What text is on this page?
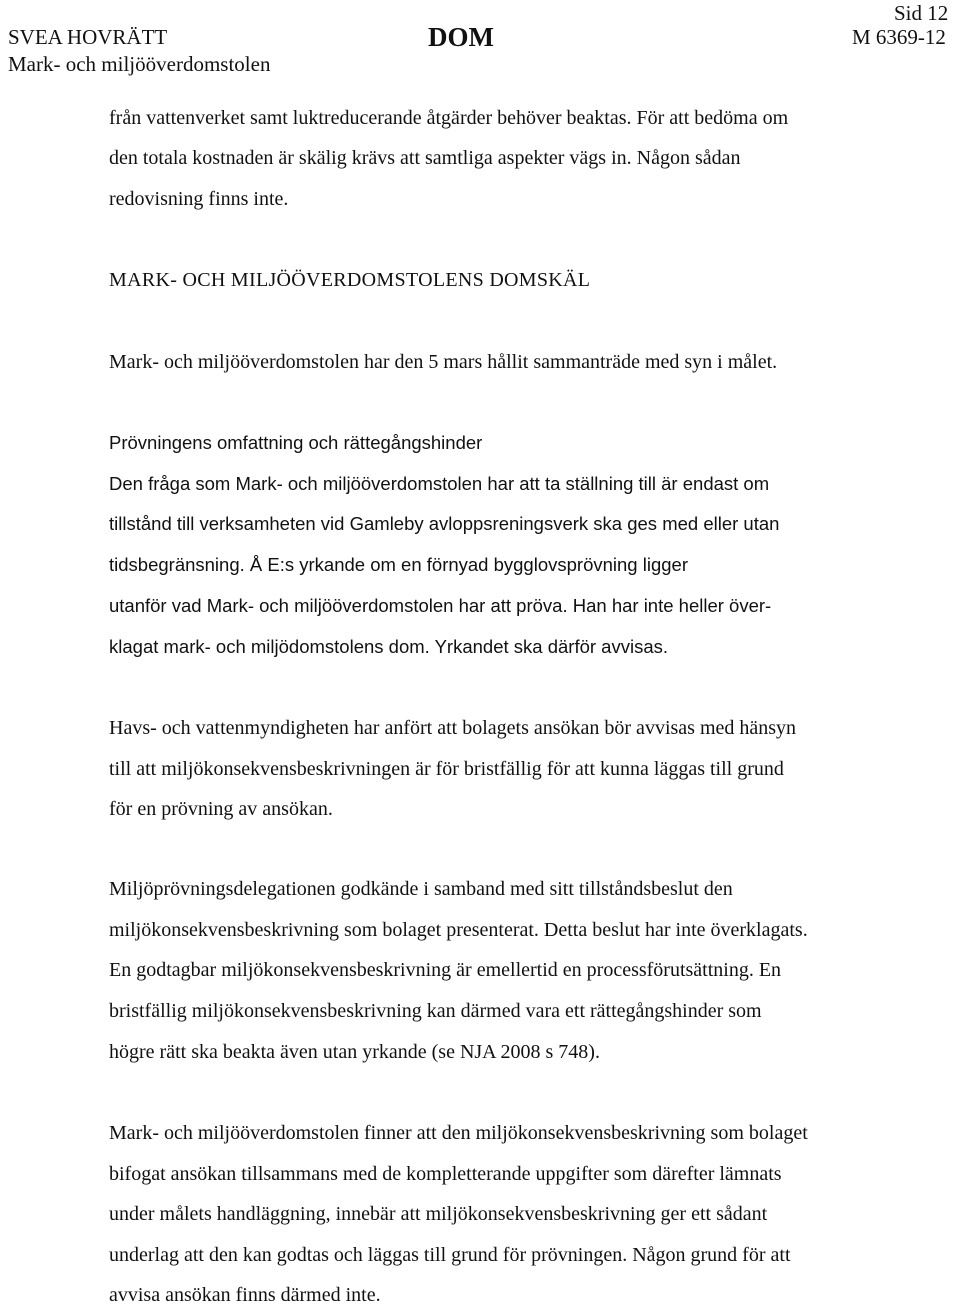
Sid 12
SVEA HOVRÄTT	DOM	M 6369-12
Mark- och miljööverdomstolen
från vattenverket samt luktreducerande åtgärder behöver beaktas. För att bedöma om
den totala kostnaden är skälig krävs att samtliga aspekter vägs in. Någon sådan
redovisning finns inte.
MARK- OCH MILJÖÖVERDOMSTOLENS DOMSKÄL
Mark- och miljööverdomstolen har den 5 mars hållit sammanträde med syn i målet.
Prövningens omfattning och rättegångshinder
Den fråga som Mark- och miljööverdomstolen har att ta ställning till är endast om
tillstånd till verksamheten vid Gamleby avloppsreningsverk ska ges med eller utan
tidsbegränsning. Å E:s yrkande om en förnyad bygglovsprövning ligger
utanför vad Mark- och miljööverdomstolen har att pröva. Han har inte heller över-
klagat mark- och miljödomstolens dom. Yrkandet ska därför avvisas.
Havs- och vattenmyndigheten har anfört att bolagets ansökan bör avvisas med hänsyn
till att miljökonsekvensbeskrivningen är för bristfällig för att kunna läggas till grund
för en prövning av ansökan.
Miljöprövningsdelegationen godkände i samband med sitt tillståndsbeslut den
miljökonsekvensbeskrivning som bolaget presenterat. Detta beslut har inte överklagats.
En godtagbar miljökonsekvensbeskrivning är emellertid en processförutsättning. En
bristfällig miljökonsekvensbeskrivning kan därmed vara ett rättegångshinder som
högre rätt ska beakta även utan yrkande (se NJA 2008 s 748).
Mark- och miljööverdomstolen finner att den miljökonsekvensbeskrivning som bolaget
bifogat ansökan tillsammans med de kompletterande uppgifter som därefter lämnats
under målets handläggning, innebär att miljökonsekvensbeskrivning ger ett sådant
underlag att den kan godtas och läggas till grund för prövningen. Någon grund för att
avvisa ansökan finns därmed inte.
